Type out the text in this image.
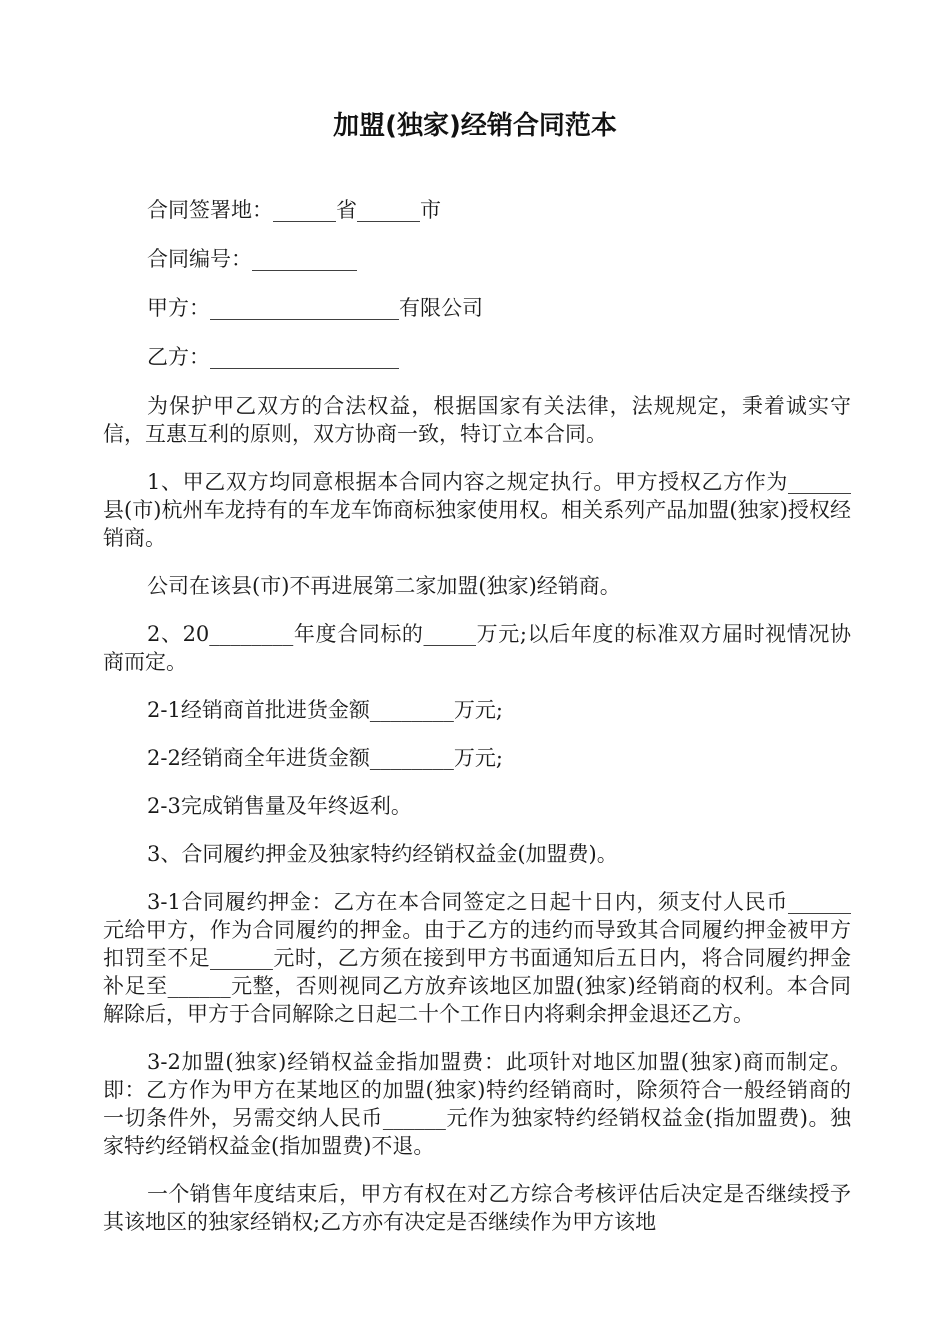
加盟(独家)经销合同范本

合同签署地：______省______市

合同编号：__________

甲方：__________________有限公司

乙方：__________________

为保护甲乙双方的合法权益，根据国家有关法律，法规规定，秉着诚实守信，互惠互利的原则，双方协商一致，特订立本合同。

1、甲乙双方均同意根据本合同内容之规定执行。甲方授权乙方作为______县(市)杭州车龙持有的车龙车饰商标独家使用权。相关系列产品加盟(独家)授权经销商。

公司在该县(市)不再进展第二家加盟(独家)经销商。

2、20________年度合同标的_____万元;以后年度的标准双方届时视情况协商而定。

2-1经销商首批进货金额________万元;

2-2经销商全年进货金额________万元;

2-3完成销售量及年终返利。

3、合同履约押金及独家特约经销权益金(加盟费)。

3-1合同履约押金：乙方在本合同签定之日起十日内，须支付人民币______元给甲方，作为合同履约的押金。由于乙方的违约而导致其合同履约押金被甲方扣罚至不足______元时，乙方须在接到甲方书面通知后五日内，将合同履约押金补足至______元整，否则视同乙方放弃该地区加盟(独家)经销商的权利。本合同解除后，甲方于合同解除之日起二十个工作日内将剩余押金退还乙方。

3-2加盟(独家)经销权益金指加盟费：此项针对地区加盟(独家)商而制定。即：乙方作为甲方在某地区的加盟(独家)特约经销商时，除须符合一般经销商的一切条件外，另需交纳人民币______元作为独家特约经销权益金(指加盟费)。独家特约经销权益金(指加盟费)不退。

一个销售年度结束后，甲方有权在对乙方综合考核评估后决定是否继续授予其该地区的独家经销权;乙方亦有决定是否继续作为甲方该地
